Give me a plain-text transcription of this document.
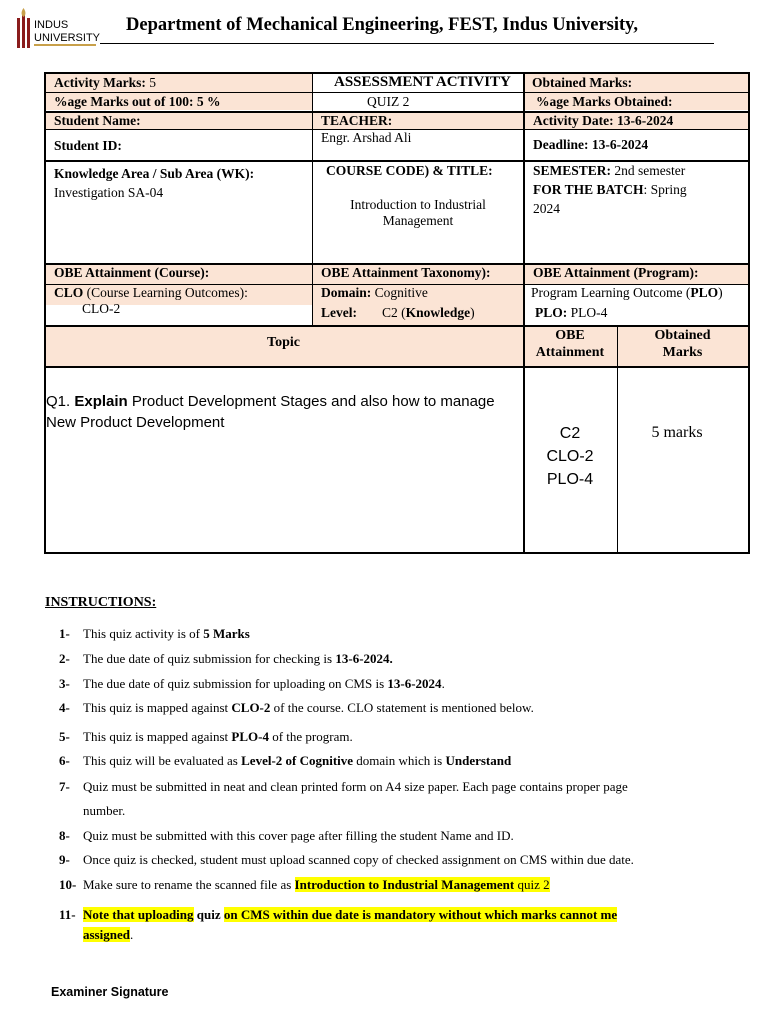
INDUS
UNIVERSITY
Department of Mechanical Engineering, FEST, Indus University,
Activity Marks: 5
%age Marks out of 100: 5 %
ASSESSMENT ACTIVITY
QUIZ 2
Obtained Marks:
%age Marks Obtained:
Student Name:
Student ID:
TEACHER:
Engr. Arshad Ali
Activity Date: 13-6-2024
Deadline: 13-6-2024
Knowledge Area / Sub Area (WK):
Investigation SA-04
COURSE CODE) & TITLE:
Introduction to Industrial
Management
SEMESTER: 2nd semester
FOR THE BATCH: Spring
2024
OBE Attainment (Course):
CLO (Course Learning Outcomes):
CLO-2
OBE Attainment Taxonomy):
Domain: Cognitive
Level: C2 (Knowledge)
OBE Attainment (Program):
Program Learning Outcome (PLO)
PLO: PLO-4
Topic	OBE
Attainment
Obtained
Marks
Q1. Explain Product Development Stages and also how to manage
New Product Development
C2
CLO-2
PLO-4
5 marks
INSTRUCTIONS:
1- This quiz activity is of 5 Marks
2- The due date of quiz submission for checking is 13-6-2024.
3- The due date of quiz submission for uploading on CMS is 13-6-2024.
4- This quiz is mapped against CLO-2 of the course. CLO statement is mentioned below.
5- This quiz is mapped against PLO-4 of the program.
6- This quiz will be evaluated as Level-2 of Cognitive domain which is Understand
7- Quiz must be submitted in neat and clean printed form on A4 size paper. Each page contains proper page
number.
8- Quiz must be submitted with this cover page after filling the student Name and ID.
9- Once quiz is checked, student must upload scanned copy of checked assignment on CMS within due date.
10- Make sure to rename the scanned file as Introduction to Industrial Management quiz 2
11- Note that uploading quiz on CMS within due date is mandatory without which marks cannot me
assigned.
Examiner Signature
